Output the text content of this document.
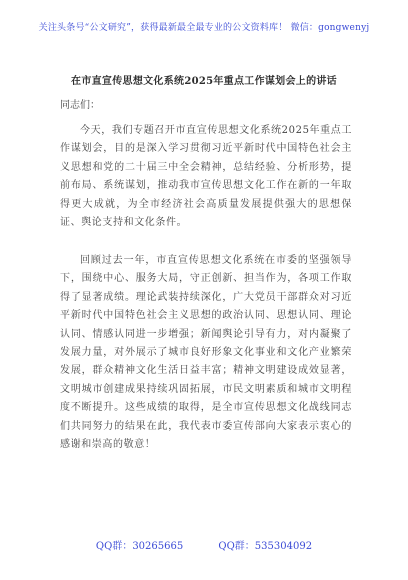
关注头条号“公文研究”，获得最新最全最专业的公文资料库！ 微信：gongwenyj
在市直宣传思想文化系统2025年重点工作谋划会上的讲话
同志们：

今天，我们专题召开市直宣传思想文化系统2025年重点工作谋划会，目的是深入学习贯彻习近平新时代中国特色社会主义思想和党的二十届三中全会精神，总结经验、分析形势，提前布局、系统谋划，推动我市宣传思想文化工作在新的一年取得更大成就，为全市经济社会高质量发展提供强大的思想保证、舆论支持和文化条件。

回顾过去一年，市直宣传思想文化系统在市委的坚强领导下，围绕中心、服务大局，守正创新、担当作为，各项工作取得了显著成绩。理论武装持续深化，广大党员干部群众对习近平新时代中国特色社会主义思想的政治认同、思想认同、理论认同、情感认同进一步增强；新闻舆论引导有力，对内凝聚了发展力量，对外展示了城市良好形象文化事业和文化产业繁荣发展，群众精神文化生活日益丰富；精神文明建设成效显著，文明城市创建成果持续巩固拓展，市民文明素质和城市文明程度不断提升。这些成绩的取得，是全市宣传思想文化战线同志们共同努力的结果在此，我代表市委宣传部向大家表示衷心的感谢和崇高的敬意！

QQ群：30265665	QQ群：535304092
